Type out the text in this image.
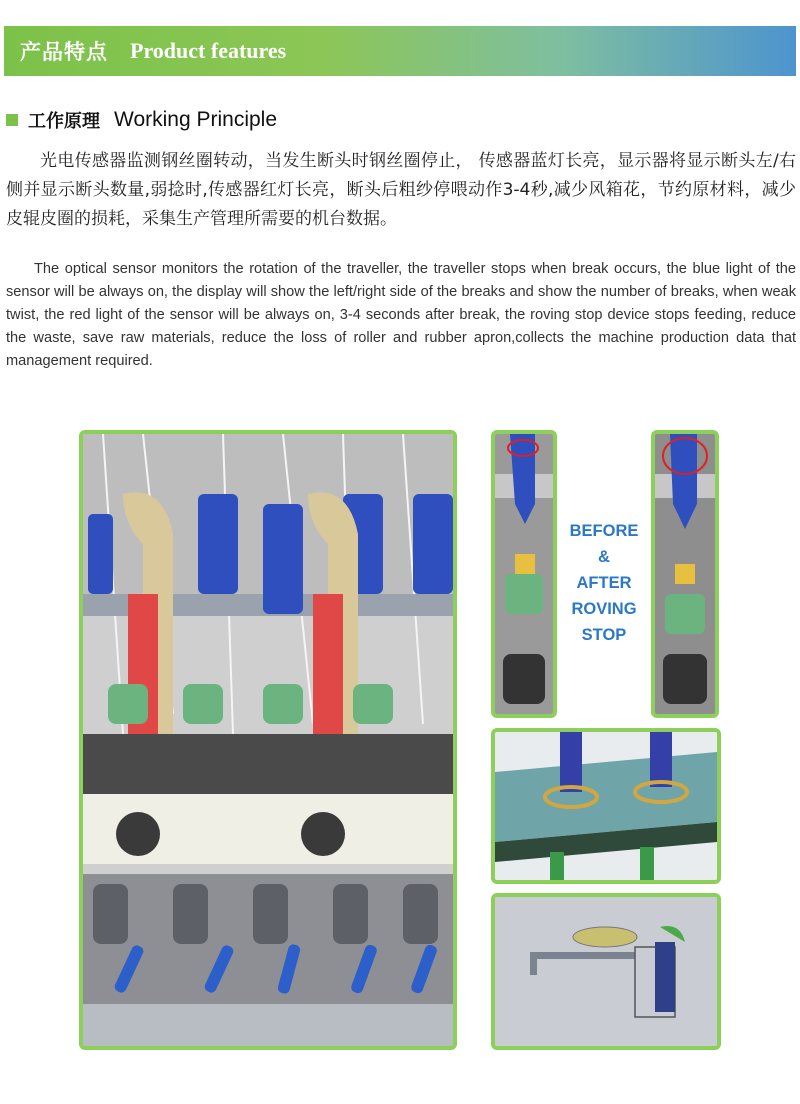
产品特点 Product features
工作原理 Working Principle

光电传感器监测钢丝圈转动，当发生断头时钢丝圈停止， 传感器蓝灯长亮，显示器将显示断头左/右侧并显示断头数量,弱捻时,传感器红灯长亮，断头后粗纱停喂动作3-4秒,减少风箱花，节约原材料，减少皮辊皮圈的损耗，采集生产管理所需要的机台数据。

The optical sensor monitors the rotation of the traveller, the traveller stops when break occurs, the blue light of the sensor will be always on, the display will show the left/right side of the breaks and show the number of breaks, when weak twist, the red light of the sensor will be always on, 3-4 seconds after break, the roving stop device stops feeding, reduce the waste, save raw materials, reduce the loss of roller and rubber apron,collects the machine production data that management required.

BEFORE
&
AFTER
ROVING
STOP
